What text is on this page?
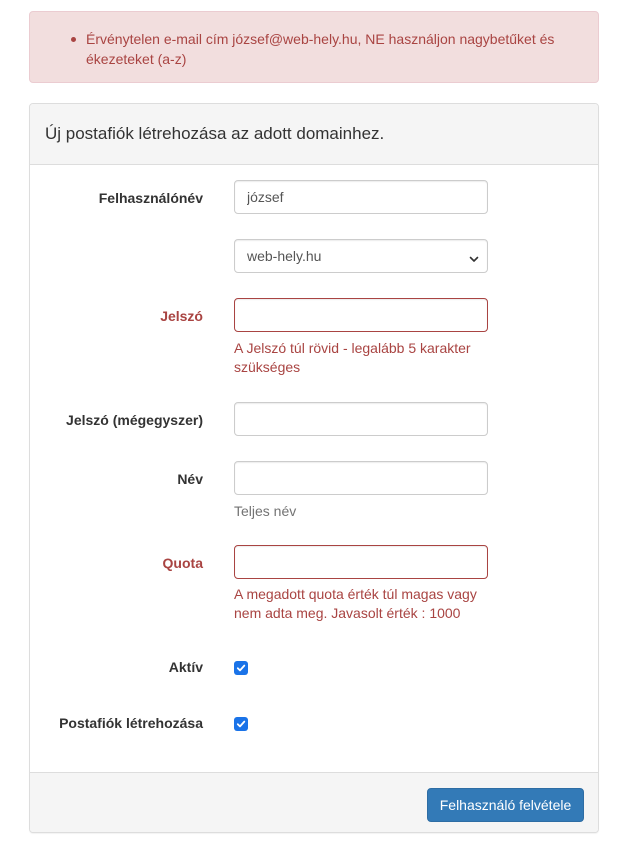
Érvénytelen e-mail cím józsef@web-hely.hu, NE használjon nagybetűket és ékezeteket (a-z)
Új postafiók létrehozása az adott domainhez.
Felhasználónév
józsef
web-hely.hu
Jelszó
A Jelszó túl rövid - legalább 5 karakter szükséges
Jelszó (mégegyszer)
Név
Teljes név
Quota
A megadott quota érték túl magas vagy nem adta meg. Javasolt érték : 1000
Aktív
Postafiók létrehozása
Felhasználó felvétele
